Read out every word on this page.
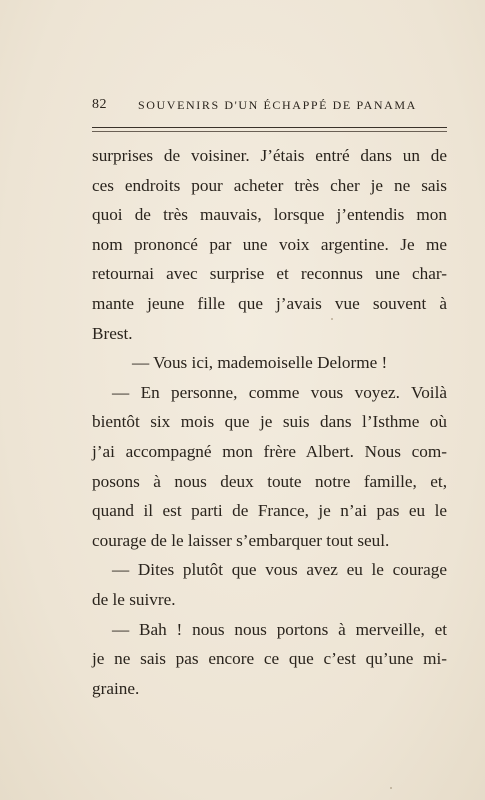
82	SOUVENIRS D'UN ÉCHAPPÉ DE PANAMA

surprises de voisiner. J’étais entré dans un de
ces endroits pour acheter très cher je ne sais
quoi de très mauvais, lorsque j’entendis mon
nom prononcé par une voix argentine. Je me
retournai avec surprise et reconnus une char-
mante jeune fille que j’avais vue souvent à
Brest.

— Vous ici, mademoiselle Delorme !

— En personne, comme vous voyez. Voilà
bientôt six mois que je suis dans l’Isthme où
j’ai accompagné mon frère Albert. Nous com-
posons à nous deux toute notre famille, et,
quand il est parti de France, je n’ai pas eu le
courage de le laisser s’embarquer tout seul.

— Dites plutôt que vous avez eu le courage
de le suivre.

— Bah ! nous nous portons à merveille, et
je ne sais pas encore ce que c’est qu’une mi-
graine.
